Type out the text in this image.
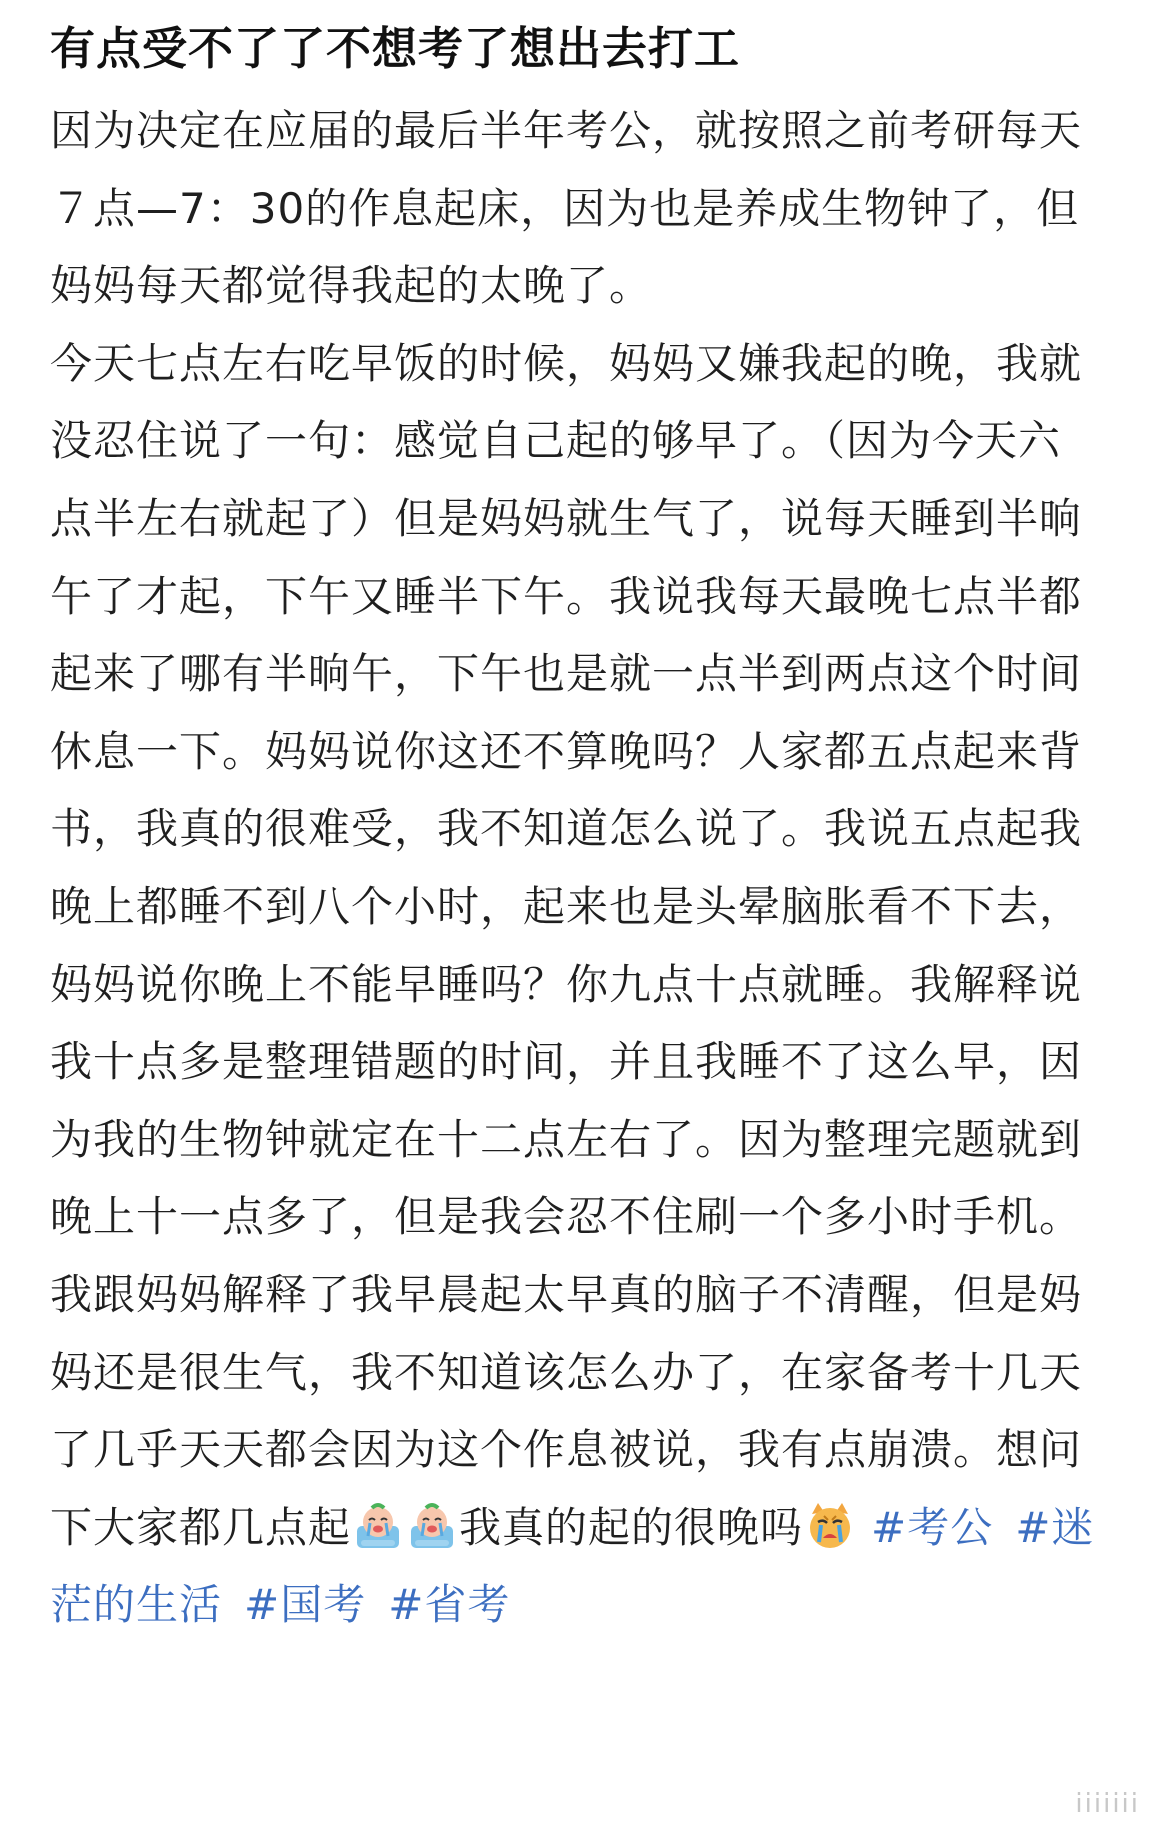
有点受不了了不想考了想出去打工
因为决定在应届的最后半年考公，就按照之前考研每天７点—7：30的作息起床，因为也是养成生物钟了，但妈妈每天都觉得我起的太晚了。
今天七点左右吃早饭的时候，妈妈又嫌我起的晚，我就没忍住说了一句：感觉自己起的够早了。（因为今天六点半左右就起了）但是妈妈就生气了，说每天睡到半晌午了才起，下午又睡半下午。我说我每天最晚七点半都起来了哪有半晌午，下午也是就一点半到两点这个时间休息一下。妈妈说你这还不算晚吗？人家都五点起来背书，我真的很难受，我不知道怎么说了。我说五点起我晚上都睡不到八个小时，起来也是头晕脑胀看不下去，妈妈说你晚上不能早睡吗？你九点十点就睡。我解释说我十点多是整理错题的时间，并且我睡不了这么早，因为我的生物钟就定在十二点左右了。因为整理完题就到晚上十一点多了，但是我会忍不住刷一个多小时手机。我跟妈妈解释了我早晨起太早真的脑子不清醒，但是妈妈还是很生气，我不知道该怎么办了，在家备考十几天了几乎天天都会因为这个作息被说，我有点崩溃。想问下大家都几点起	我真的起的很晚吗 #考公 #迷茫的生活 #国考 #省考
𝗂𝗂𝗂𝗂𝗂𝗂𝗂
